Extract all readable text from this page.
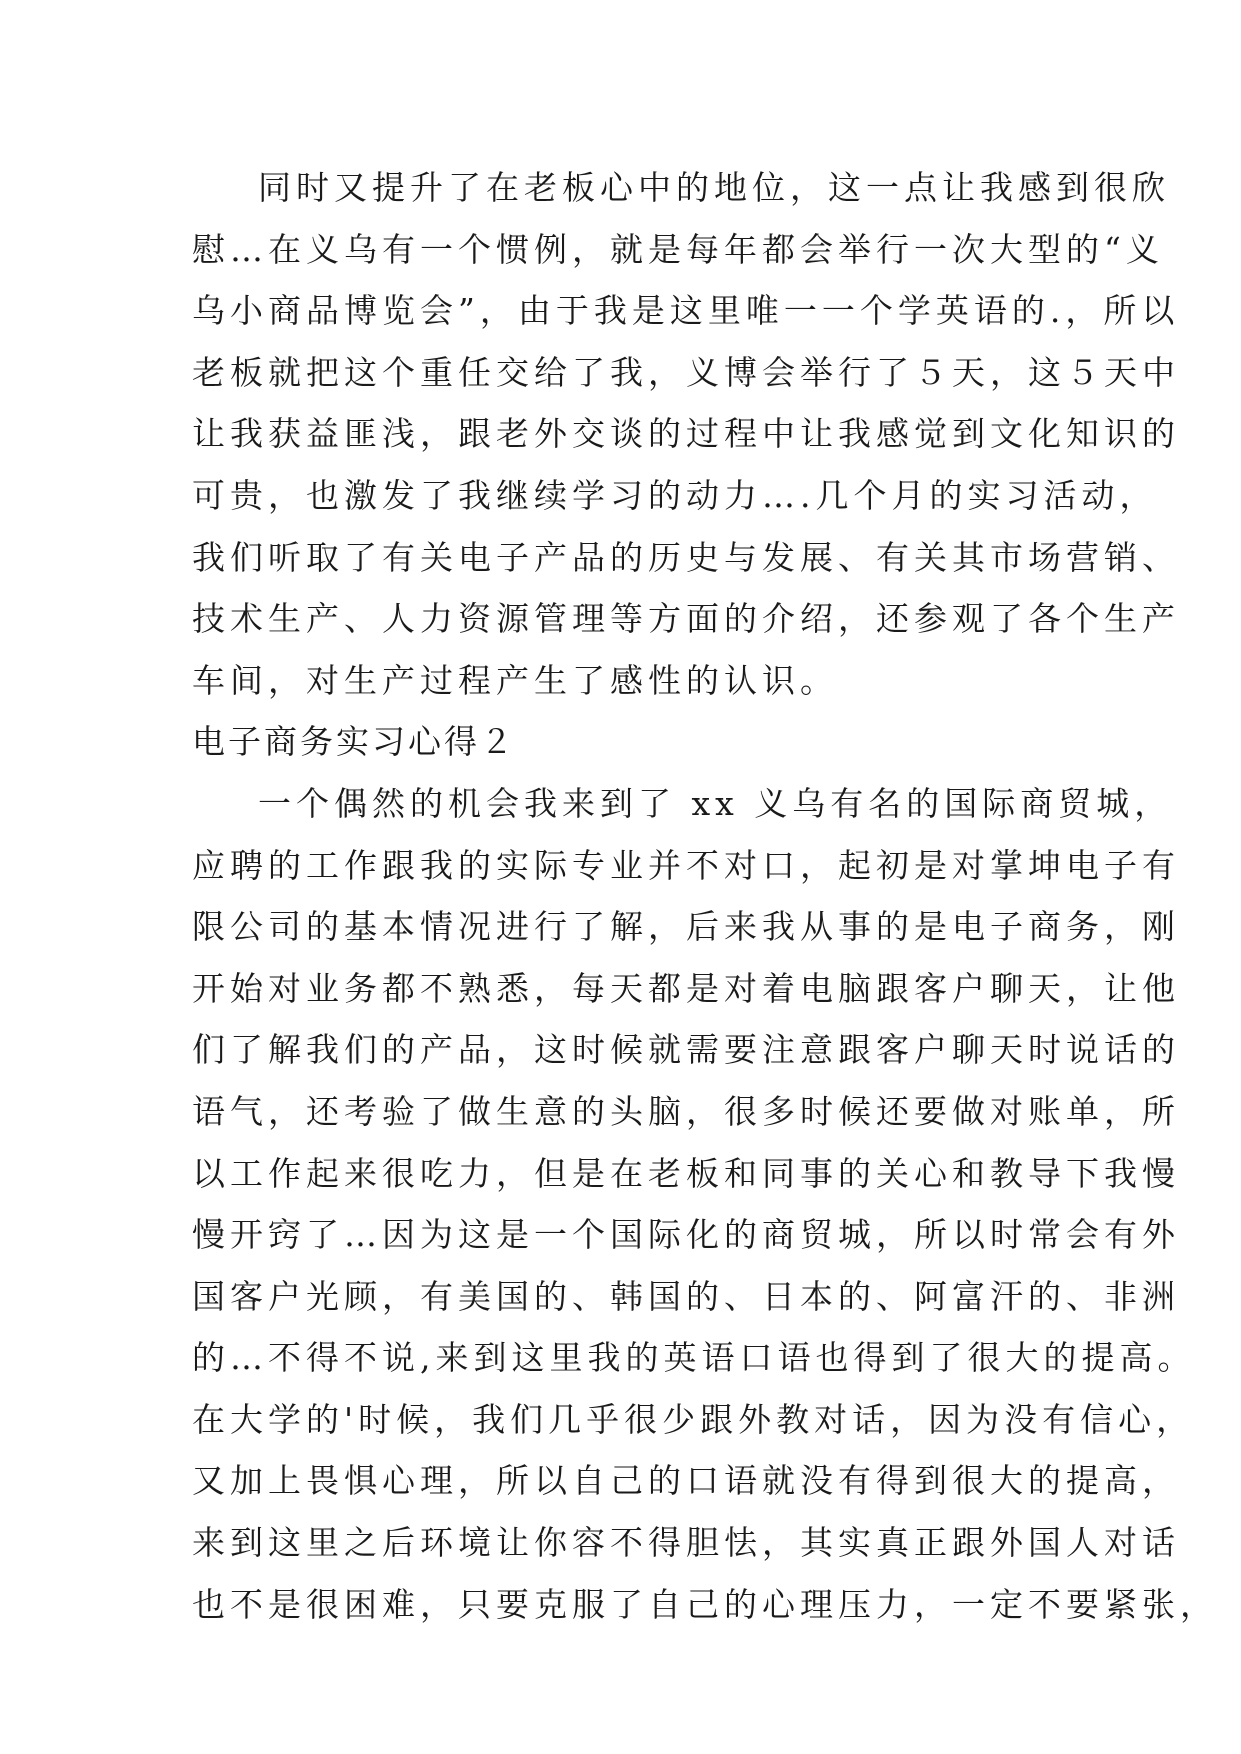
同时又提升了在老板心中的地位，这一点让我感到很欣
慰…在义乌有一个惯例，就是每年都会举行一次大型的“义
乌小商品博览会”，由于我是这里唯一一个学英语的.，所以
老板就把这个重任交给了我，义博会举行了５天，这５天中
让我获益匪浅，跟老外交谈的过程中让我感觉到文化知识的
可贵，也激发了我继续学习的动力….几个月的实习活动，
我们听取了有关电子产品的历史与发展、有关其市场营销、
技术生产、人力资源管理等方面的介绍，还参观了各个生产
车间，对生产过程产生了感性的认识。
电子商务实习心得２
一个偶然的机会我来到了 xx 义乌有名的国际商贸城，
应聘的工作跟我的实际专业并不对口，起初是对掌坤电子有
限公司的基本情况进行了解，后来我从事的是电子商务，刚
开始对业务都不熟悉，每天都是对着电脑跟客户聊天，让他
们了解我们的产品，这时候就需要注意跟客户聊天时说话的
语气，还考验了做生意的头脑，很多时候还要做对账单，所
以工作起来很吃力，但是在老板和同事的关心和教导下我慢
慢开窍了…因为这是一个国际化的商贸城，所以时常会有外
国客户光顾，有美国的、韩国的、日本的、阿富汗的、非洲
的…不得不说,来到这里我的英语口语也得到了很大的提高。
在大学的'时候，我们几乎很少跟外教对话，因为没有信心，
又加上畏惧心理，所以自己的口语就没有得到很大的提高，
来到这里之后环境让你容不得胆怯，其实真正跟外国人对话
也不是很困难，只要克服了自己的心理压力，一定不要紧张，
